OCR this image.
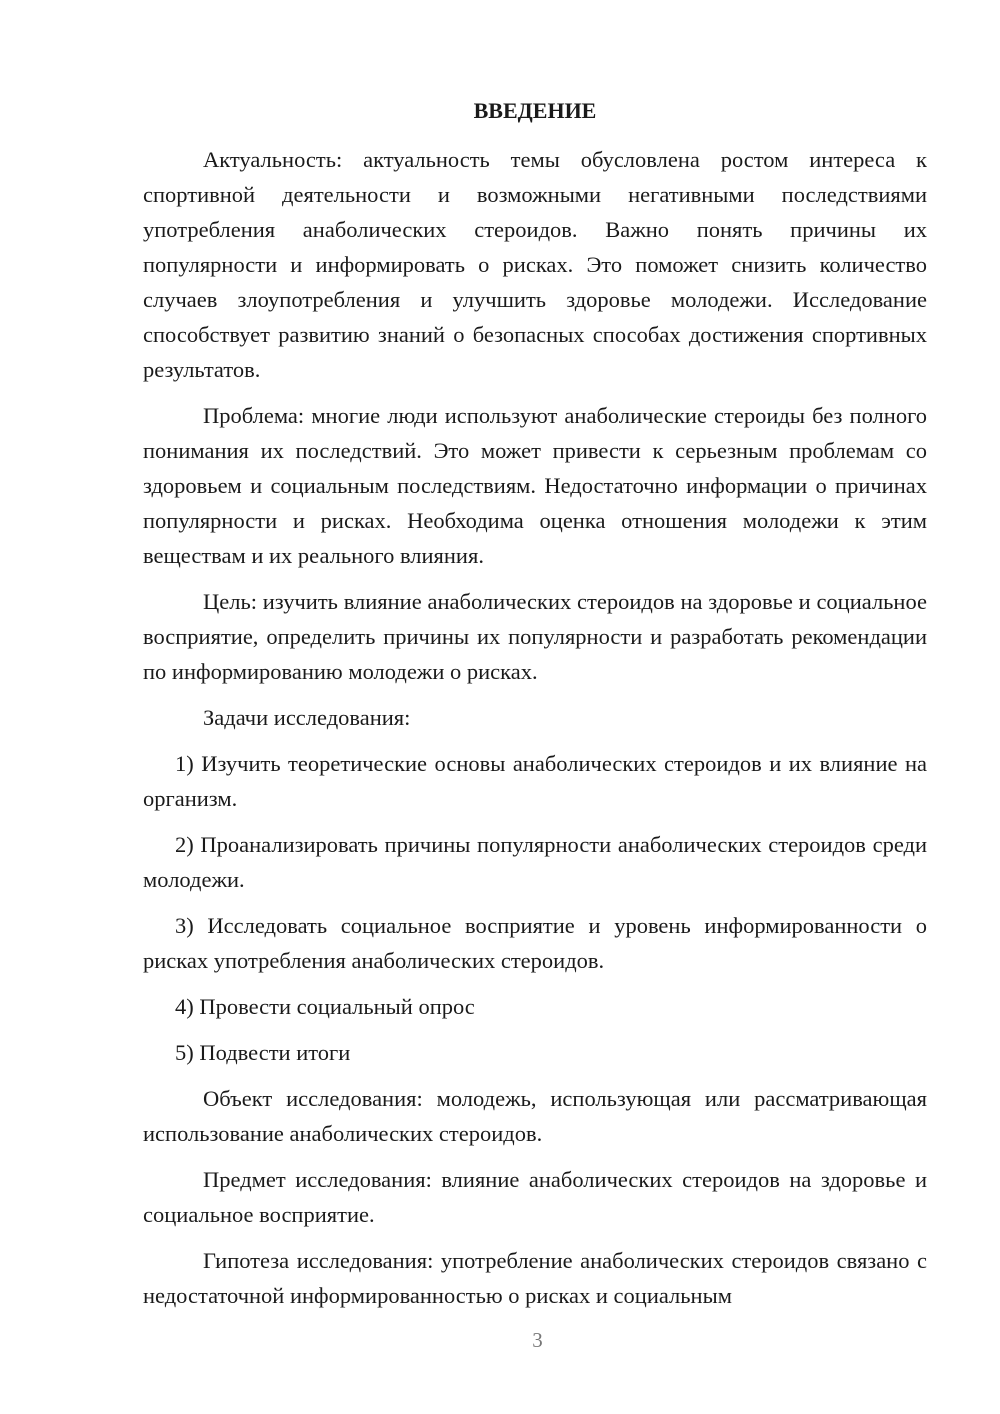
ВВЕДЕНИЕ

Актуальность: актуальность темы обусловлена ростом интереса к спортивной деятельности и возможными негативными последствиями употребления анаболических стероидов. Важно понять причины их популярности и информировать о рисках. Это поможет снизить количество случаев злоупотребления и улучшить здоровье молодежи. Исследование способствует развитию знаний о безопасных способах достижения спортивных результатов.

Проблема: многие люди используют анаболические стероиды без полного понимания их последствий. Это может привести к серьезным проблемам со здоровьем и социальным последствиям. Недостаточно информации о причинах популярности и рисках. Необходима оценка отношения молодежи к этим веществам и их реального влияния.

Цель: изучить влияние анаболических стероидов на здоровье и социальное восприятие, определить причины их популярности и разработать рекомендации по информированию молодежи о рисках.

Задачи исследования:

1) Изучить теоретические основы анаболических стероидов и их влияние на организм.

2) Проанализировать причины популярности анаболических стероидов среди молодежи.

3) Исследовать социальное восприятие и уровень информированности о рисках употребления анаболических стероидов.

4) Провести социальный опрос

5) Подвести итоги

Объект исследования: молодежь, использующая или рассматривающая использование анаболических стероидов.

Предмет исследования: влияние анаболических стероидов на здоровье и социальное восприятие.

Гипотеза исследования: употребление анаболических стероидов связано с недостаточной информированностью о рисках и социальным

3
